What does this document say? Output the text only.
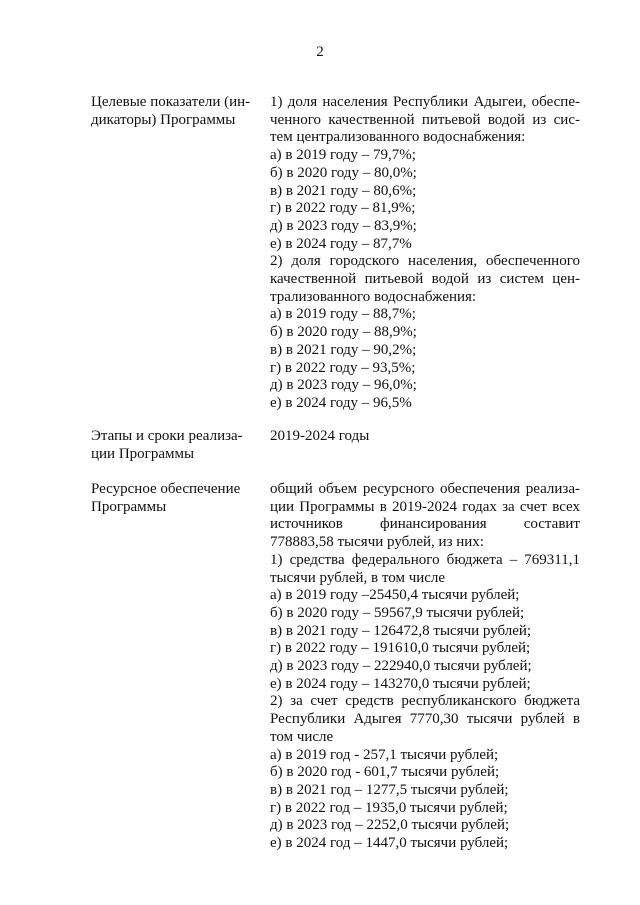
2
Целевые показатели (ин-
дикаторы) Программы
1) доля населения Республики Адыгеи, обеспе-
ченного качественной питьевой водой из сис-
тем централизованного водоснабжения:
а) в 2019 году – 79,7%;
б) в 2020 году – 80,0%;
в) в 2021 году – 80,6%;
г) в 2022 году – 81,9%;
д) в 2023 году – 83,9%;
е) в 2024 году – 87,7%
2) доля городского населения, обеспеченного
качественной питьевой водой из систем цен-
трализованного водоснабжения:
а) в 2019 году – 88,7%;
б) в 2020 году – 88,9%;
в) в 2021 году – 90,2%;
г) в 2022 году – 93,5%;
д) в 2023 году – 96,0%;
е) в 2024 году – 96,5%
Этапы и сроки реализа-
ции Программы
2019-2024 годы
Ресурсное обеспечение
Программы
общий объем ресурсного обеспечения реализа-
ции Программы в 2019-2024 годах за счет всех
источников финансирования составит
778883,58 тысячи рублей, из них:
1) средства федерального бюджета – 769311,1
тысячи рублей, в том числе
а) в 2019 году –25450,4 тысячи рублей;
б) в 2020 году – 59567,9 тысячи рублей;
в) в 2021 году – 126472,8 тысячи рублей;
г) в 2022 году – 191610,0 тысячи рублей;
д) в 2023 году – 222940,0 тысячи рублей;
е) в 2024 году – 143270,0 тысячи рублей;
2) за счет средств республиканского бюджета
Республики Адыгея 7770,30 тысячи рублей в
том числе
а) в 2019 год - 257,1 тысячи рублей;
б) в 2020 год - 601,7 тысячи рублей;
в) в 2021 год – 1277,5 тысячи рублей;
г) в 2022 год – 1935,0 тысячи рублей;
д) в 2023 год – 2252,0 тысячи рублей;
е) в 2024 год – 1447,0 тысячи рублей;
